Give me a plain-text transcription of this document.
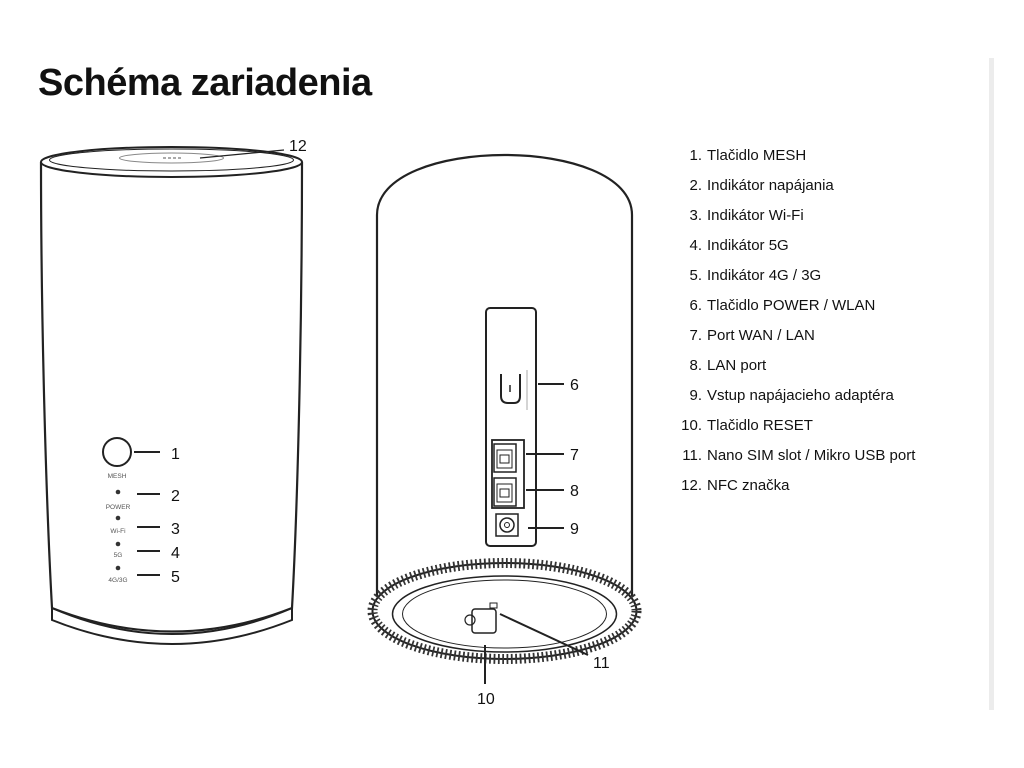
Schéma zariadenia
MESH
POWER
Wi-Fi
5G
4G/3G
1
2
3
4
5
12
6
7
8
9
10
11
1. Tlačidlo MESH
2. Indikátor napájania
3. Indikátor Wi-Fi
4. Indikátor 5G
5. Indikátor 4G / 3G
6. Tlačidlo POWER / WLAN
7. Port WAN / LAN
8. LAN port
9. Vstup napájacieho adaptéra
10. Tlačidlo RESET
11. Nano SIM slot / Mikro USB port
12. NFC značka
